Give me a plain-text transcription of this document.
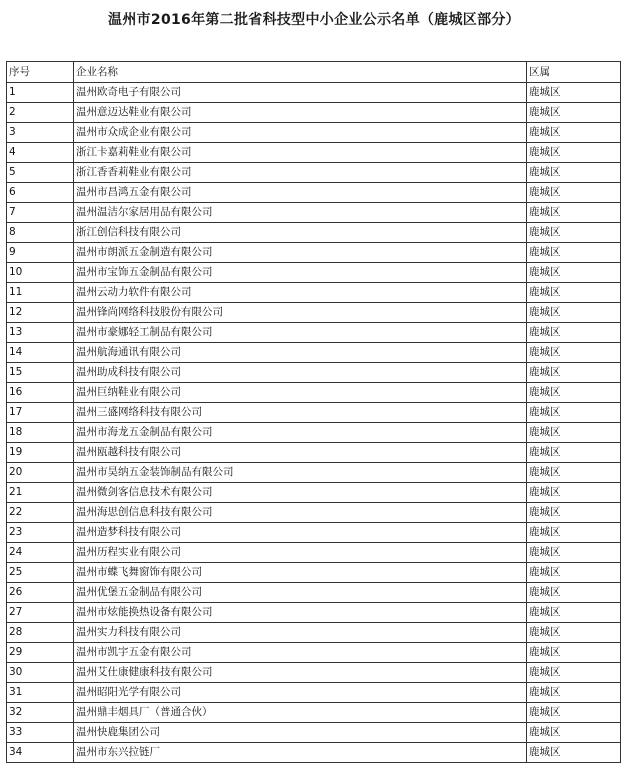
温州市2016年第二批省科技型中小企业公示名单（鹿城区部分）
序号	企业名称	区属
1	温州欧奇电子有限公司	鹿城区
2	温州意迈达鞋业有限公司	鹿城区
3	温州市众成企业有限公司	鹿城区
4	浙江卡嘉莉鞋业有限公司	鹿城区
5	浙江香香莉鞋业有限公司	鹿城区
6	温州市昌鸿五金有限公司	鹿城区
7	温州温洁尔家居用品有限公司	鹿城区
8	浙江创信科技有限公司	鹿城区
9	温州市朗派五金制造有限公司	鹿城区
10	温州市宝饰五金制品有限公司	鹿城区
11	温州云动力软件有限公司	鹿城区
12	温州锋尚网络科技股份有限公司	鹿城区
13	温州市豪娜轻工制品有限公司	鹿城区
14	温州航海通讯有限公司	鹿城区
15	温州助成科技有限公司	鹿城区
16	温州巨纳鞋业有限公司	鹿城区
17	温州三盛网络科技有限公司	鹿城区
18	温州市海龙五金制品有限公司	鹿城区
19	温州瓯越科技有限公司	鹿城区
20	温州市昊纳五金装饰制品有限公司	鹿城区
21	温州微剑客信息技术有限公司	鹿城区
22	温州海思创信息科技有限公司	鹿城区
23	温州造梦科技有限公司	鹿城区
24	温州历程实业有限公司	鹿城区
25	温州市蝶飞舞窗饰有限公司	鹿城区
26	温州优堡五金制品有限公司	鹿城区
27	温州市炫能换热设备有限公司	鹿城区
28	温州实力科技有限公司	鹿城区
29	温州市凯宇五金有限公司	鹿城区
30	温州艾仕康健康科技有限公司	鹿城区
31	温州昭阳光学有限公司	鹿城区
32	温州鼎丰烟具厂（普通合伙）	鹿城区
33	温州快鹿集团公司	鹿城区
34	温州市东兴拉链厂	鹿城区
